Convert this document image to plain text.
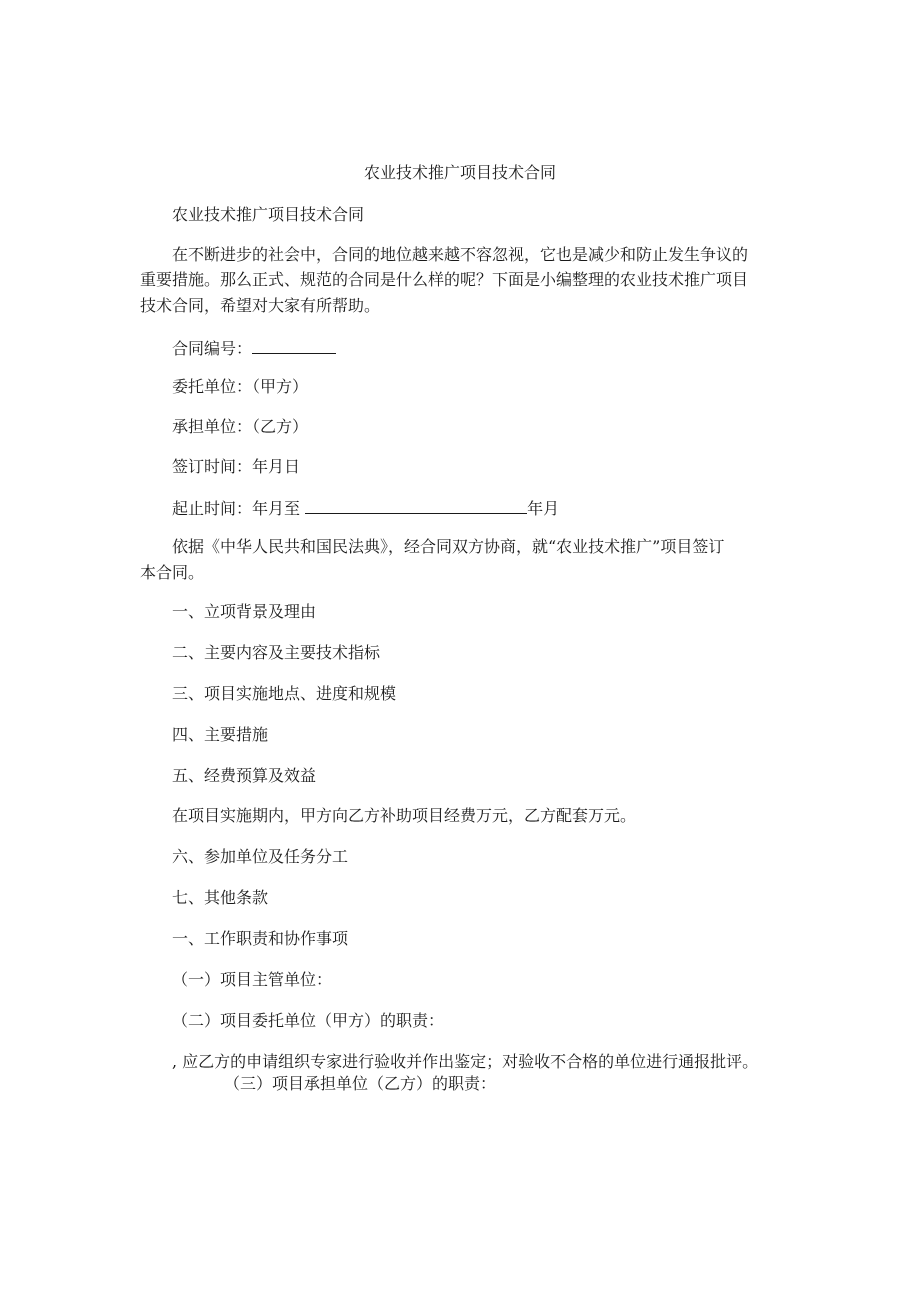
农业技术推广项目技术合同
农业技术推广项目技术合同
在不断进步的社会中，合同的地位越来越不容忽视，它也是减少和防止发生争议的
重要措施。那么正式、规范的合同是什么样的呢？下面是小编整理的农业技术推广项目
技术合同，希望对大家有所帮助。
合同编号：
委托单位：（甲方）
承担单位：（乙方）
签订时间：年月日
起止时间：年月至	年月
依据《中华人民共和国民法典》，经合同双方协商，就“农业技术推广”项目签订
本合同。
一、立项背景及理由
二、主要内容及主要技术指标
三、项目实施地点、进度和规模
四、主要措施
五、经费预算及效益
在项目实施期内，甲方向乙方补助项目经费万元，乙方配套万元。
六、参加单位及任务分工
七、其他条款
一、工作职责和协作事项
（一）项目主管单位：
（二）项目委托单位（甲方）的职责：
, 应乙方的申请组织专家进行验收并作出鉴定；对验收不合格的单位进行通报批评。
（三）项目承担单位（乙方）的职责：
